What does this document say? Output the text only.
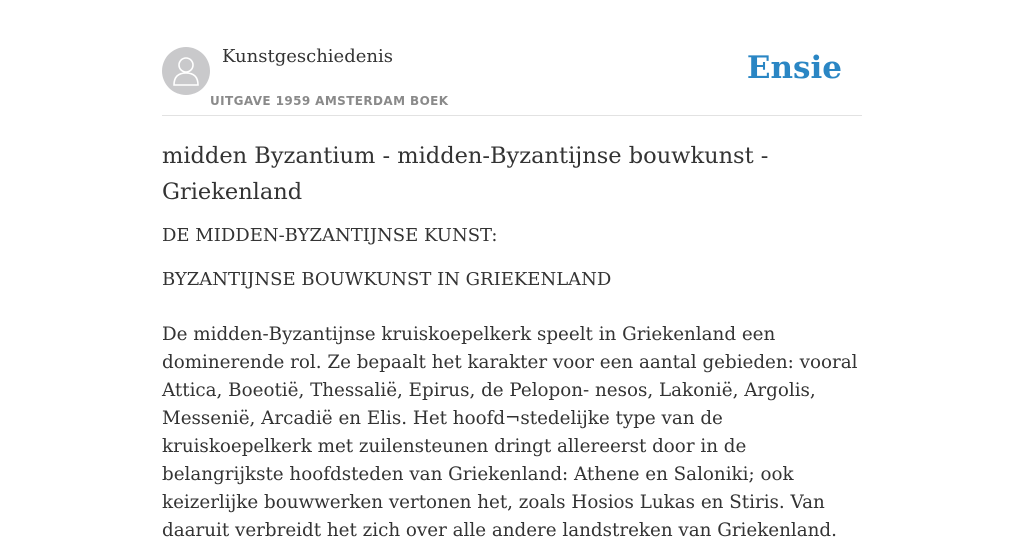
Kunstgeschiedenis
UITGAVE 1959 AMSTERDAM BOEK
Ensie
midden Byzantium - midden-Byzantijnse bouwkunst - Griekenland
DE MIDDEN-BYZANTIJNSE KUNST:
BYZANTIJNSE BOUWKUNST IN GRIEKENLAND
De midden-Byzantijnse kruiskoepelkerk speelt in Griekenland een dominerende rol. Ze bepaalt het karakter voor een aantal gebieden: vooral Attica, Boeotië, Thessalië, Epirus, de Pelopon- nesos, Lakonië, Argolis, Messenië, Arcadië en Elis. Het hoofd¬stedelijke type van de kruiskoepelkerk met zuilensteunen dringt allereerst door in de belangrijkste hoofdsteden van Griekenland: Athene en Saloniki; ook keizerlijke bouwwerken vertonen het, zoals Hosios Lukas en Stiris. Van daaruit verbreidt het zich over alle andere landstreken van Griekenland.
